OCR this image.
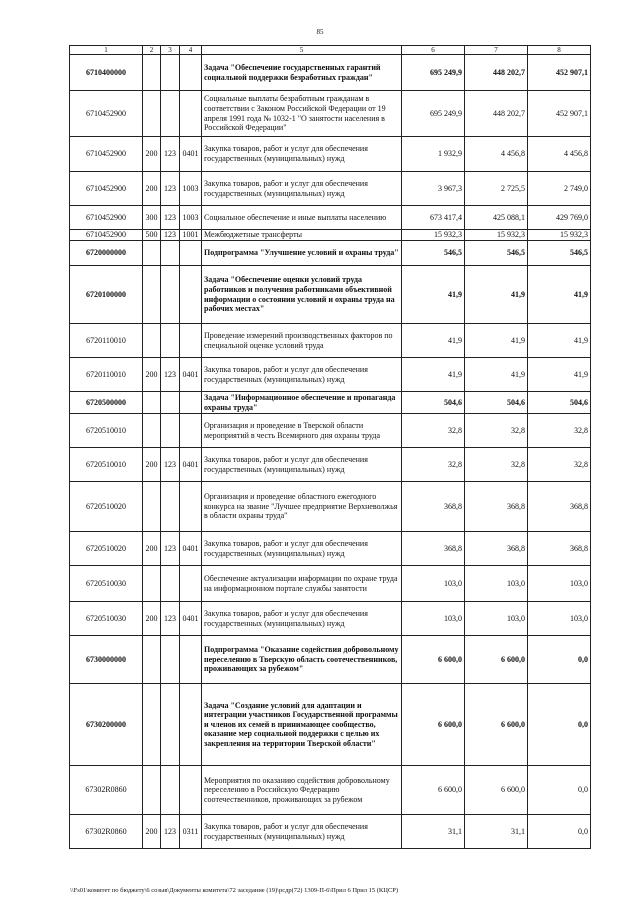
85
1	2	3	4	5	6	7	8
6710400000				Задача "Обеспечение государственных гарантий социальной поддержки безработных граждан"	695 249,9	448 202,7	452 907,1
6710452900				Социальные выплаты безработным гражданам в соответствии с Законом Российской Федерации от 19 апреля 1991 года № 1032-1 "О занятости населения в Российской Федерации"	695 249,9	448 202,7	452 907,1
6710452900	200	123	0401	Закупка товаров, работ и услуг для обеспечения государственных (муниципальных) нужд	1 932,9	4 456,8	4 456,8
6710452900	200	123	1003	Закупка товаров, работ и услуг для обеспечения государственных (муниципальных) нужд	3 967,3	2 725,5	2 749,0
6710452900	300	123	1003	Социальное обеспечение и иные выплаты населению	673 417,4	425 088,1	429 769,0
6710452900	500	123	1001	Межбюджетные трансферты	15 932,3	15 932,3	15 932,3
6720000000				Подпрограмма "Улучшение условий и охраны труда"	546,5	546,5	546,5
6720100000				Задача "Обеспечение оценки условий труда работников и получения работниками объективной информации о состоянии условий и охраны труда на рабочих местах"	41,9	41,9	41,9
6720110010				Проведение измерений производственных факторов по специальной оценке условий труда	41,9	41,9	41,9
6720110010	200	123	0401	Закупка товаров, работ и услуг для обеспечения государственных (муниципальных) нужд	41,9	41,9	41,9
6720500000				Задача "Информационное обеспечение и пропаганда охраны труда"	504,6	504,6	504,6
6720510010				Организация и проведение в Тверской области мероприятий в честь Всемирного дня охраны труда	32,8	32,8	32,8
6720510010	200	123	0401	Закупка товаров, работ и услуг для обеспечения государственных (муниципальных) нужд	32,8	32,8	32,8
6720510020				Организация и проведение областного ежегодного конкурса на звание "Лучшее предприятие Верхневолжья в области охраны труда"	368,8	368,8	368,8
6720510020	200	123	0401	Закупка товаров, работ и услуг для обеспечения государственных (муниципальных) нужд	368,8	368,8	368,8
6720510030				Обеспечение актуализации информации по охране труда на информационном портале службы занятости	103,0	103,0	103,0
6720510030	200	123	0401	Закупка товаров, работ и услуг для обеспечения государственных (муниципальных) нужд	103,0	103,0	103,0
6730000000				Подпрограмма "Оказание содействия добровольному переселению в Тверскую область соотечественников, проживающих за рубежом"	6 600,0	6 600,0	0,0
6730200000				Задача "Создание условий для адаптации и интеграции участников Государственной программы и членов их семей в принимающее сообщество, оказание мер социальной поддержки с целью их закрепления на территории Тверской области"	6 600,0	6 600,0	0,0
67302R0860				Мероприятия по оказанию содействия добровольному переселению в Российскую Федерацию соотечественников, проживающих за рубежом	6 600,0	6 600,0	0,0
67302R0860	200	123	0311	Закупка товаров, работ и услуг для обеспечения государственных (муниципальных) нужд	31,1	31,1	0,0
\\Fs01\комитет по бюджету\6 созыв\Документы комитета\72 заседание (19)\рсдр(72) 1309-П-6\Прил 6 Прил 15 (КЦСР)
